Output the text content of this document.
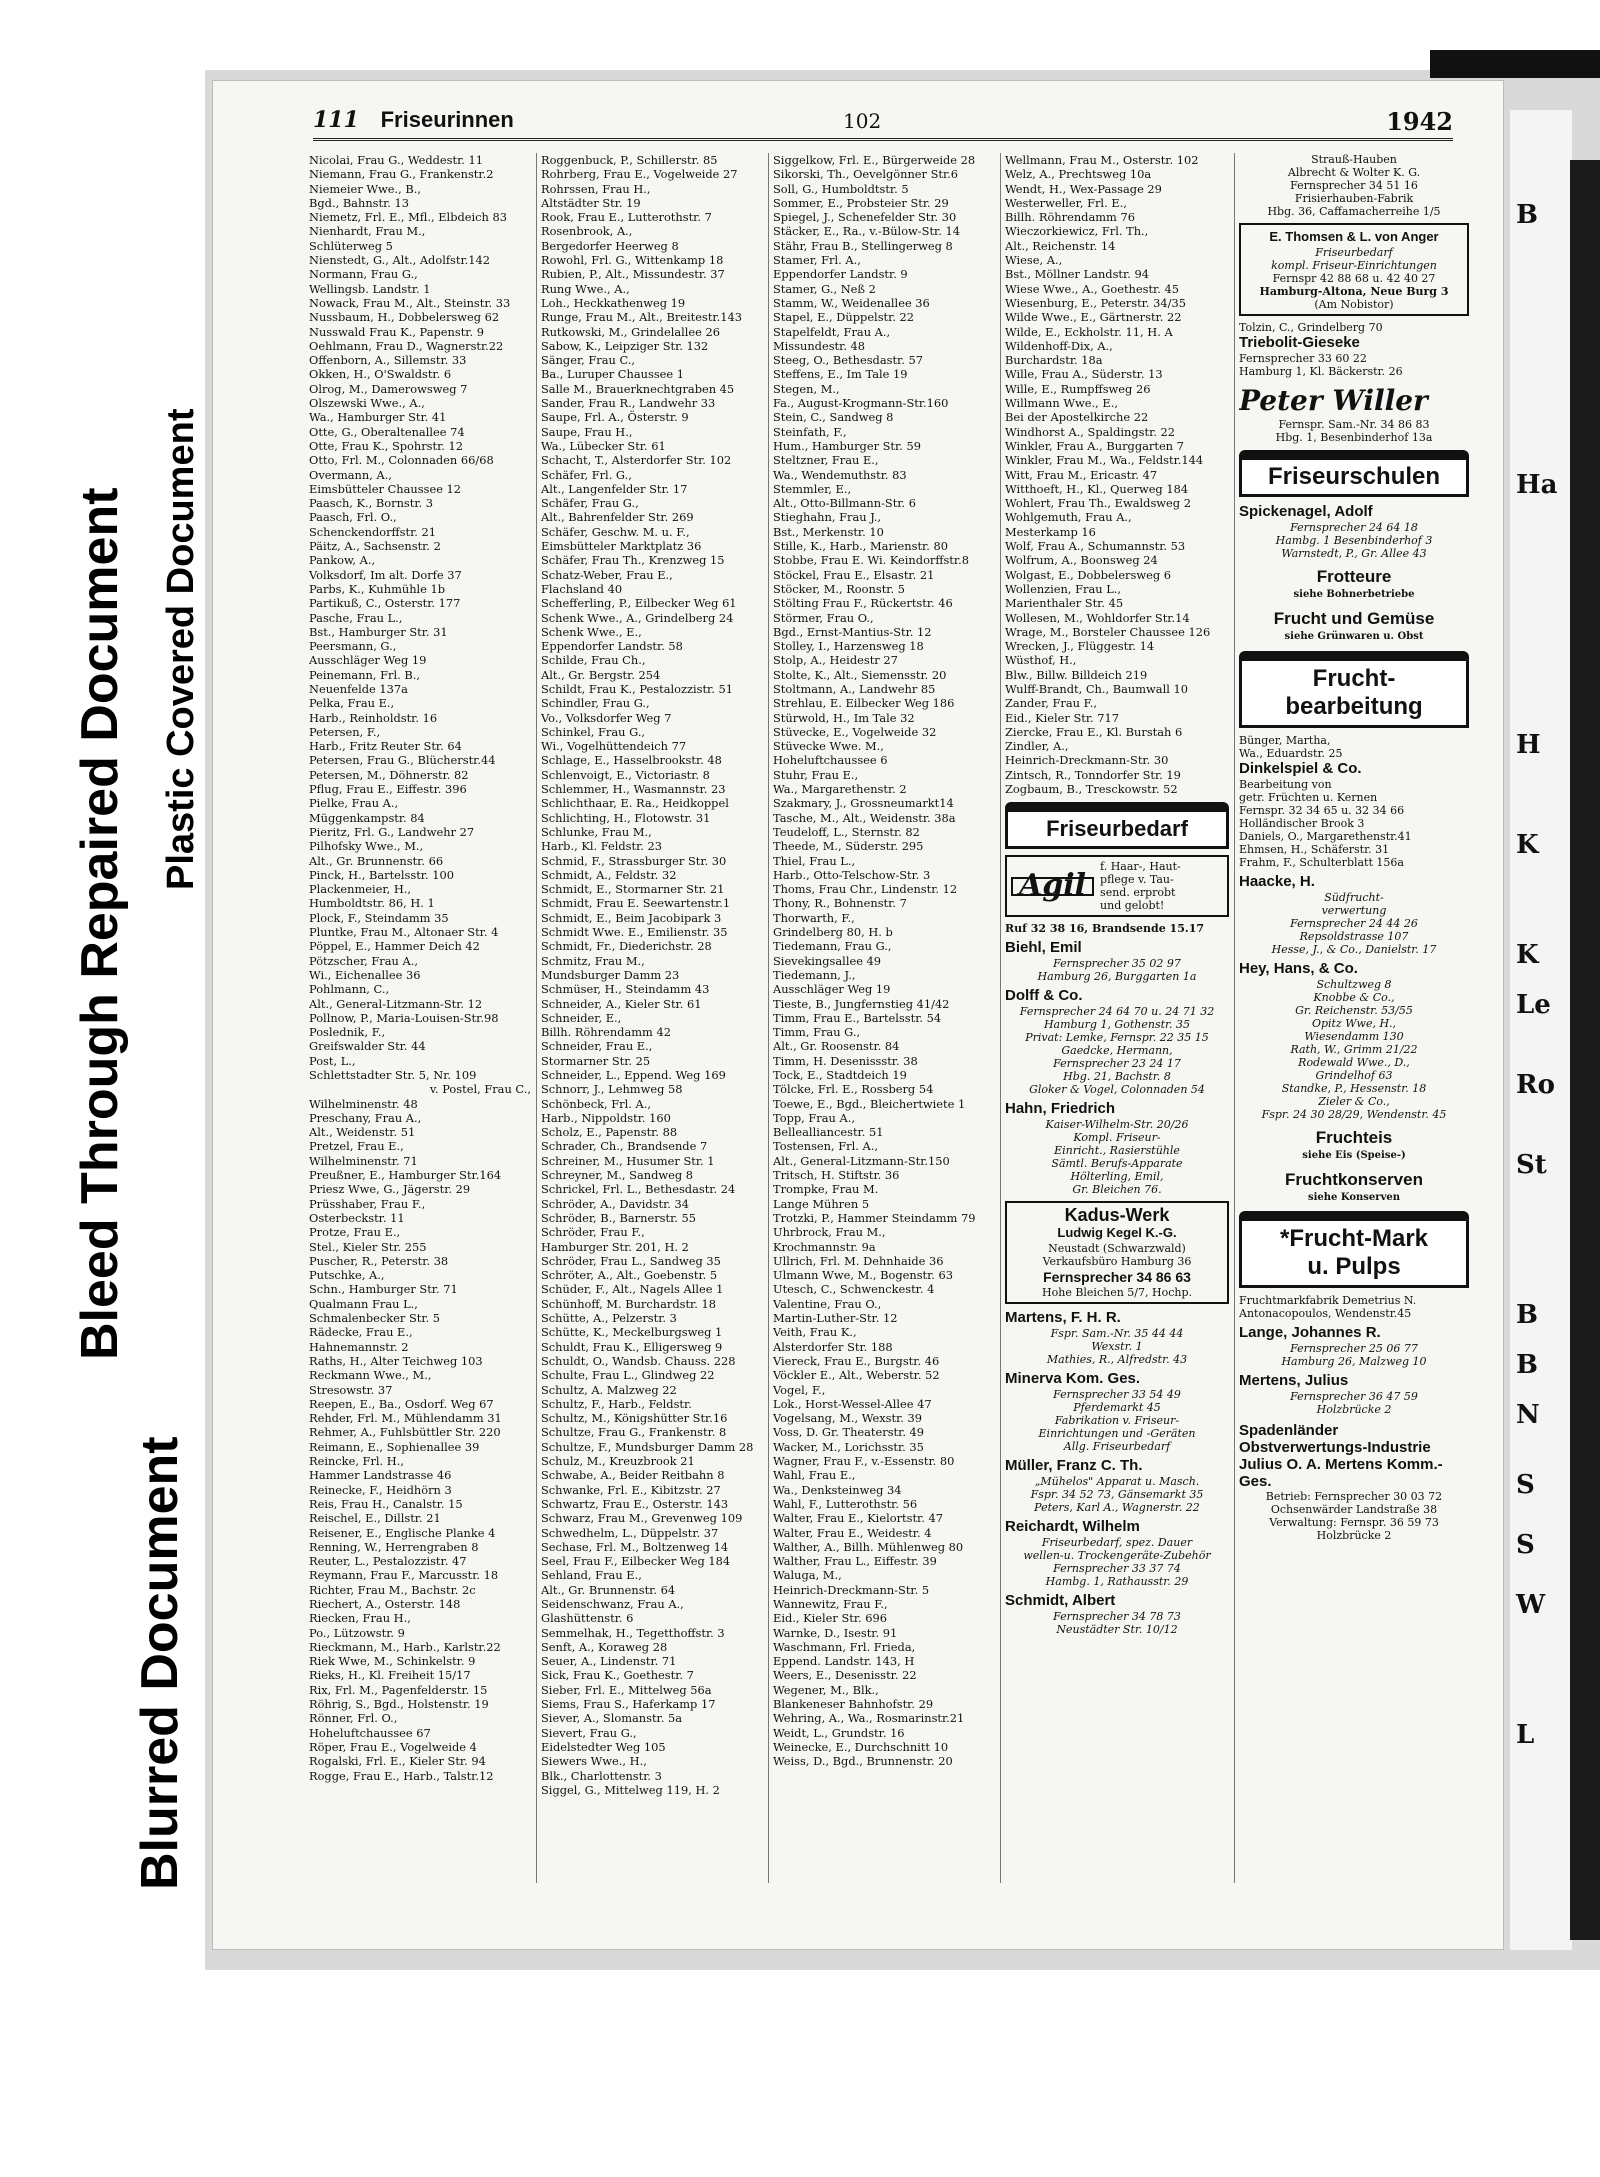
Blurred Document
Bleed Through Repaired Document Plastic Covered Document
B
Ha
H
K
K
Le
Ro
St
B
B
N
S
S
W
L
111 Friseurinnen	102	1942
Nicolai, Frau G., Weddestr. 11
Niemann, Frau G., Frankenstr.2
Niemeier Wwe., B.,
Bgd., Bahnstr. 13
Niemetz, Frl. E., Mfl., Elbdeich 83
Nienhardt, Frau M.,
Schlüterweg 5
Nienstedt, G., Alt., Adolfstr.142
Normann, Frau G.,
Wellingsb. Landstr. 1
Nowack, Frau M., Alt., Steinstr. 33
Nussbaum, H., Dobbelersweg 62
Nusswald Frau K., Papenstr. 9
Oehlmann, Frau D., Wagnerstr.22
Offenborn, A., Sillemstr. 33
Okken, H., O'Swaldstr. 6
Olrog, M., Damerowsweg 7
Olszewski Wwe., A.,
Wa., Hamburger Str. 41
Otte, G., Oberaltenallee 74
Otte, Frau K., Spohrstr. 12
Otto, Frl. M., Colonnaden 66/68
Overmann, A.,
Eimsbütteler Chaussee 12
Paasch, K., Bornstr. 3
Paasch, Frl. O.,
Schenckendorffstr. 21
Päitz, A., Sachsenstr. 2
Pankow, A.,
Volksdorf, Im alt. Dorfe 37
Parbs, K., Kuhmühle 1b
Partikuß, C., Osterstr. 177
Pasche, Frau L.,
Bst., Hamburger Str. 31
Peersmann, G.,
Ausschläger Weg 19
Peinemann, Frl. B.,
Neuenfelde 137a
Pelka, Frau E.,
Harb., Reinholdstr. 16
Petersen, F.,
Harb., Fritz Reuter Str. 64
Petersen, Frau G., Blücherstr.44
Petersen, M., Döhnerstr. 82
Pflug, Frau E., Eiffestr. 396
Pielke, Frau A.,
Müggenkampstr. 84
Pieritz, Frl. G., Landwehr 27
Pilhofsky Wwe., M.,
Alt., Gr. Brunnenstr. 66
Pinck, H., Bartelsstr. 100
Plackenmeier, H.,
Humboldtstr. 86, H. 1
Plock, F., Steindamm 35
Pluntke, Frau M., Altonaer Str. 4
Pöppel, E., Hammer Deich 42
Pötzscher, Frau A.,
Wi., Eichenallee 36
Pohlmann, C.,
Alt., General-Litzmann-Str. 12
Pollnow, P., Maria-Louisen-Str.98
Poslednik, F.,
Greifswalder Str. 44
Post, L.,
Schlettstadter Str. 5, Nr. 109
v. Postel, Frau C.,
Wilhelminenstr. 48
Preschany, Frau A.,
Alt., Weidenstr. 51
Pretzel, Frau E.,
Wilhelminenstr. 71
Preußner, E., Hamburger Str.164
Priesz Wwe, G., Jägerstr. 29
Prüsshaber, Frau F.,
Osterbeckstr. 11
Protze, Frau E.,
Stel., Kieler Str. 255
Puscher, R., Peterstr. 38
Putschke, A.,
Schn., Hamburger Str. 71
Qualmann Frau L.,
Schmalenbecker Str. 5
Rädecke, Frau E.,
Hahnemannstr. 2
Raths, H., Alter Teichweg 103
Reckmann Wwe., M.,
Stresowstr. 37
Reepen, E., Ba., Osdorf. Weg 67
Rehder, Frl. M., Mühlendamm 31
Rehmer, A., Fuhlsbüttler Str. 220
Reimann, E., Sophienallee 39
Reincke, Frl. H.,
Hammer Landstrasse 46
Reinecke, F., Heidhörn 3
Reis, Frau H., Canalstr. 15
Reischel, E., Dillstr. 21
Reisener, E., Englische Planke 4
Renning, W., Herrengraben 8
Reuter, L., Pestalozzistr. 47
Reymann, Frau F., Marcusstr. 18
Richter, Frau M., Bachstr. 2c
Riechert, A., Osterstr. 148
Riecken, Frau H.,
Po., Lützowstr. 9
Rieckmann, M., Harb., Karlstr.22
Riek Wwe, M., Schinkelstr. 9
Rieks, H., Kl. Freiheit 15/17
Rix, Frl. M., Pagenfelderstr. 15
Röhrig, S., Bgd., Holstenstr. 19
Rönner, Frl. O.,
Hoheluftchaussee 67
Röper, Frau E., Vogelweide 4
Rogalski, Frl. E., Kieler Str. 94
Rogge, Frau E., Harb., Talstr.12
Roggenbuck, P., Schillerstr. 85
Rohrberg, Frau E., Vogelweide 27
Rohrssen, Frau H.,
Altstädter Str. 19
Rook, Frau E., Lutterothstr. 7
Rosenbrook, A.,
Bergedorfer Heerweg 8
Rowohl, Frl. G., Wittenkamp 18
Rubien, P., Alt., Missundestr. 37
Rung Wwe., A.,
Loh., Heckkathenweg 19
Runge, Frau M., Alt., Breitestr.143
Rutkowski, M., Grindelallee 26
Sabow, K., Leipziger Str. 132
Sänger, Frau C.,
Ba., Luruper Chaussee 1
Salle M., Brauerknechtgraben 45
Sander, Frau R., Landwehr 33
Saupe, Frl. A., Österstr. 9
Saupe, Frau H.,
Wa., Lübecker Str. 61
Schacht, T., Alsterdorfer Str. 102
Schäfer, Frl. G.,
Alt., Langenfelder Str. 17
Schäfer, Frau G.,
Alt., Bahrenfelder Str. 269
Schäfer, Geschw. M. u. F.,
Eimsbütteler Marktplatz 36
Schäfer, Frau Th., Krenzweg 15
Schatz-Weber, Frau E.,
Flachsland 40
Schefferling, P., Eilbecker Weg 61
Schenk Wwe., A., Grindelberg 24
Schenk Wwe., E.,
Eppendorfer Landstr. 58
Schilde, Frau Ch.,
Alt., Gr. Bergstr. 254
Schildt, Frau K., Pestalozzistr. 51
Schindler, Frau G.,
Vo., Volksdorfer Weg 7
Schinkel, Frau G.,
Wi., Vogelhüttendeich 77
Schlage, E., Hasselbrookstr. 48
Schlenvoigt, E., Victoriastr. 8
Schlemmer, H., Wasmannstr. 23
Schlichthaar, E. Ra., Heidkoppel
Schlichting, H., Flotowstr. 31
Schlunke, Frau M.,
Harb., Kl. Feldstr. 23
Schmid, F., Strassburger Str. 30
Schmidt, A., Feldstr. 32
Schmidt, E., Stormarner Str. 21
Schmidt, Frau E. Seewartenstr.1
Schmidt, E., Beim Jacobipark 3
Schmidt Wwe. E., Emilienstr. 35
Schmidt, Fr., Diederichstr. 28
Schmitz, Frau M.,
Mundsburger Damm 23
Schmüser, H., Steindamm 43
Schneider, A., Kieler Str. 61
Schneider, E.,
Billh. Röhrendamm 42
Schneider, Frau E.,
Stormarner Str. 25
Schneider, L., Eppend. Weg 169
Schnorr, J., Lehmweg 58
Schönbeck, Frl. A.,
Harb., Nippoldstr. 160
Scholz, E., Papenstr. 88
Schrader, Ch., Brandsende 7
Schreiner, M., Husumer Str. 1
Schreyner, M., Sandweg 8
Schrickel, Frl. L., Bethesdastr. 24
Schröder, A., Davidstr. 34
Schröder, B., Barnerstr. 55
Schröder, Frau F.,
Hamburger Str. 201, H. 2
Schröder, Frau L., Sandweg 35
Schröter, A., Alt., Goebenstr. 5
Schüder, F., Alt., Nagels Allee 1
Schünhoff, M. Burchardstr. 18
Schütte, A., Pelzerstr. 3
Schütte, K., Meckelburgsweg 1
Schuldt, Frau K., Elligersweg 9
Schuldt, O., Wandsb. Chauss. 228
Schulte, Frau L., Glindweg 22
Schultz, A. Malzweg 22
Schultz, F., Harb., Feldstr.
Schultz, M., Königshütter Str.16
Schultze, Frau G., Frankenstr. 8
Schultze, F., Mundsburger Damm 28
Schulz, M., Kreuzbrook 21
Schwabe, A., Beider Reitbahn 8
Schwanke, Frl. E., Kibitzstr. 27
Schwartz, Frau E., Osterstr. 143
Schwarz, Frau M., Grevenweg 109
Schwedhelm, L., Düppelstr. 37
Sechase, Frl. M., Boltzenweg 14
Seel, Frau F., Eilbecker Weg 184
Sehland, Frau E.,
Alt., Gr. Brunnenstr. 64
Seidenschwanz, Frau A.,
Glashüttenstr. 6
Semmelhak, H., Tegetthoffstr. 3
Senft, A., Koraweg 28
Seuer, A., Lindenstr. 71
Sick, Frau K., Goethestr. 7
Sieber, Frl. E., Mittelweg 56a
Siems, Frau S., Haferkamp 17
Siever, A., Slomanstr. 5a
Sievert, Frau G.,
Eidelstedter Weg 105
Siewers Wwe., H.,
Blk., Charlottenstr. 3
Siggel, G., Mittelweg 119, H. 2
Siggelkow, Frl. E., Bürgerweide 28
Sikorski, Th., Oevelgönner Str.6
Soll, G., Humboldtstr. 5
Sommer, E., Probsteier Str. 29
Spiegel, J., Schenefelder Str. 30
Stäcker, E., Ra., v.-Bülow-Str. 14
Stähr, Frau B., Stellingerweg 8
Stamer, Frl. A.,
Eppendorfer Landstr. 9
Stamer, G., Neß 2
Stamm, W., Weidenallee 36
Stapel, E., Düppelstr. 22
Stapelfeldt, Frau A.,
Missundestr. 48
Steeg, O., Bethesdastr. 57
Steffens, E., Im Tale 19
Stegen, M.,
Fa., August-Krogmann-Str.160
Stein, C., Sandweg 8
Steinfath, F.,
Hum., Hamburger Str. 59
Steltzner, Frau E.,
Wa., Wendemuthstr. 83
Stemmler, E.,
Alt., Otto-Billmann-Str. 6
Stieghahn, Frau J.,
Bst., Merkenstr. 10
Stille, K., Harb., Marienstr. 80
Stobbe, Frau E. Wi. Keindorffstr.8
Stöckel, Frau E., Elsastr. 21
Stöcker, M., Roonstr. 5
Stölting Frau F., Rückertstr. 46
Störmer, Frau O.,
Bgd., Ernst-Mantius-Str. 12
Stolley, I., Harzensweg 18
Stolp, A., Heidestr 27
Stolte, K., Alt., Siemensstr. 20
Stoltmann, A., Landwehr 85
Strehlau, E. Eilbecker Weg 186
Stürwold, H., Im Tale 32
Stüvecke, E., Vogelweide 32
Stüvecke Wwe. M.,
Hoheluftchaussee 6
Stuhr, Frau E.,
Wa., Margarethenstr. 2
Szakmary, J., Grossneumarkt14
Tasche, M., Alt., Weidenstr. 38a
Teudeloff, L., Sternstr. 82
Theede, M., Süderstr. 295
Thiel, Frau L.,
Harb., Otto-Telschow-Str. 3
Thoms, Frau Chr., Lindenstr. 12
Thony, R., Bohnenstr. 7
Thorwarth, F.,
Grindelberg 80, H. b
Tiedemann, Frau G.,
Sievekingsallee 49
Tiedemann, J.,
Ausschläger Weg 19
Tieste, B., Jungfernstieg 41/42
Timm, Frau E., Bartelsstr. 54
Timm, Frau G.,
Alt., Gr. Roosenstr. 84
Timm, H. Desenissstr. 38
Tock, E., Stadtdeich 19
Tölcke, Frl. E., Rossberg 54
Toewe, E., Bgd., Bleichertwiete 1
Topp, Frau A.,
Bellealliancestr. 51
Tostensen, Frl. A.,
Alt., General-Litzmann-Str.150
Tritsch, H. Stiftstr. 36
Trompke, Frau M.
Lange Mühren 5
Trotzki, P., Hammer Steindamm 79
Uhrbrock, Frau M.,
Krochmannstr. 9a
Ullrich, Frl. M. Dehnhaide 36
Ulmann Wwe, M., Bogenstr. 63
Utesch, C., Schwenckestr. 4
Valentine, Frau O.,
Martin-Luther-Str. 12
Veith, Frau K.,
Alsterdorfer Str. 188
Viereck, Frau E., Burgstr. 46
Vöckler E., Alt., Weberstr. 52
Vogel, F.,
Lok., Horst-Wessel-Allee 47
Vogelsang, M., Wexstr. 39
Voss, D. Gr. Theaterstr. 49
Wacker, M., Lorichsstr. 35
Wagner, Frau F., v.-Essenstr. 80
Wahl, Frau E.,
Wa., Denksteinweg 34
Wahl, F., Lutterothstr. 56
Walter, Frau E., Kielortstr. 47
Walter, Frau E., Weidestr. 4
Walther, A., Billh. Mühlenweg 80
Walther, Frau L., Eiffestr. 39
Waluga, M.,
Heinrich-Dreckmann-Str. 5
Wannewitz, Frau F.,
Eid., Kieler Str. 696
Warnke, D., Isestr. 91
Waschmann, Frl. Frieda,
Eppend. Landstr. 143, H
Weers, E., Desenisstr. 22
Wegener, M., Blk.,
Blankeneser Bahnhofstr. 29
Wehring, A., Wa., Rosmarinstr.21
Weidt, L., Grundstr. 16
Weinecke, E., Durchschnitt 10
Weiss, D., Bgd., Brunnenstr. 20
Wellmann, Frau M., Osterstr. 102
Welz, A., Prechtsweg 10a
Wendt, H., Wex-Passage 29
Westerweller, Frl. E.,
Billh. Röhrendamm 76
Wieczorkiewicz, Frl. Th.,
Alt., Reichenstr. 14
Wiese, A.,
Bst., Möllner Landstr. 94
Wiese Wwe., A., Goethestr. 45
Wiesenburg, E., Peterstr. 34/35
Wilde Wwe., E., Gärtnerstr. 22
Wilde, E., Eckholstr. 11, H. A
Wildenhoff-Dix, A.,
Burchardstr. 18a
Wille, Frau A., Süderstr. 13
Wille, E., Rumpffsweg 26
Willmann Wwe., E.,
Bei der Apostelkirche 22
Windhorst A., Spaldingstr. 22
Winkler, Frau A., Burggarten 7
Winkler, Frau M., Wa., Feldstr.144
Witt, Frau M., Ericastr. 47
Witthoeft, H., Kl., Querweg 184
Wohlert, Frau Th., Ewaldsweg 2
Wohlgemuth, Frau A.,
Mesterkamp 16
Wolf, Frau A., Schumannstr. 53
Wolfrum, A., Boonsweg 24
Wolgast, E., Dobbelersweg 6
Wollenzien, Frau L.,
Marienthaler Str. 45
Wollesen, M., Wohldorfer Str.14
Wrage, M., Borsteler Chaussee 126
Wrecken, J., Flüggestr. 14
Wüsthof, H.,
Blw., Billw. Billdeich 219
Wulff-Brandt, Ch., Baumwall 10
Zander, Frau F.,
Eid., Kieler Str. 717
Ziercke, Frau E., Kl. Burstah 6
Zindler, A.,
Heinrich-Dreckmann-Str. 30
Zintsch, R., Tonndorfer Str. 19
Zogbaum, B., Tresckowstr. 52
Friseurbedarf
Agil
f. Haar-, Haut-
pflege v. Tau-
send. erprobt
und gelobt!
Ruf 32 38 16, Brandsende 15.17
Biehl, Emil
Fernsprecher 35 02 97
Hamburg 26, Burggarten 1a
Dolff & Co.
Fernsprecher 24 64 70 u. 24 71 32
Hamburg 1, Gothenstr. 35
Privat: Lemke, Fernspr. 22 35 15
Gaedcke, Hermann,
Fernsprecher 23 24 17
Hbg. 21, Bachstr. 8
Gloker & Vogel, Colonnaden 54
Hahn, Friedrich
Kaiser-Wilhelm-Str. 20/26
Kompl. Friseur-
Einricht., Rasierstühle
Sämtl. Berufs-Apparate
Hölterling, Emil,
Gr. Bleichen 76.
Kadus-Werk
Ludwig Kegel K.-G.
Neustadt (Schwarzwald)
Verkaufsbüro Hamburg 36
Fernsprecher 34 86 63
Hohe Bleichen 5/7, Hochp.
Martens, F. H. R.
Fspr. Sam.-Nr. 35 44 44
Wexstr. 1
Mathies, R., Alfredstr. 43
Minerva Kom. Ges.
Fernsprecher 33 54 49
Pferdemarkt 45
Fabrikation v. Friseur-
Einrichtungen und -Geräten
Allg. Friseurbedarf
Müller, Franz C. Th.
„Mühelos" Apparat u. Masch.
Fspr. 34 52 73, Gänsemarkt 35
Peters, Karl A., Wagnerstr. 22
Reichardt, Wilhelm
Friseurbedarf, spez. Dauer
wellen-u. Trockengeräte-Zubehör
Fernsprecher 33 37 74
Hambg. 1, Rathausstr. 29
Schmidt, Albert
Fernsprecher 34 78 73
Neustädter Str. 10/12
Strauß-Hauben
Albrecht & Wolter K. G.
Fernsprecher 34 51 16
Frisierhauben-Fabrik
Hbg. 36, Caffamacherreihe 1/5
E. Thomsen & L. von Anger
Friseurbedarf
kompl. Friseur-Einrichtungen
Fernspr 42 88 68 u. 42 40 27
Hamburg-Altona, Neue Burg 3
(Am Nobistor)
Tolzin, C., Grindelberg 70
Triebolit-Gieseke
Fernsprecher 33 60 22
Hamburg 1, Kl. Bäckerstr. 26
Peter Willer
Fernspr. Sam.-Nr. 34 86 83
Hbg. 1, Besenbinderhof 13a
Friseurschulen
Spickenagel, Adolf
Fernsprecher 24 64 18
Hambg. 1 Besenbinderhof 3
Warnstedt, P., Gr. Allee 43
Frotteure
siehe Bohnerbetriebe
Frucht und Gemüse
siehe Grünwaren u. Obst
Frucht-
bearbeitung
Bünger, Martha,
Wa., Eduardstr. 25
Dinkelspiel & Co.
Bearbeitung von
getr. Früchten u. Kernen
Fernspr. 32 34 65 u. 32 34 66
Holländischer Brook 3
Daniels, O., Margarethenstr.41
Ehmsen, H., Schäferstr. 31
Frahm, F., Schulterblatt 156a
Haacke, H.
Südfrucht-
verwertung
Fernsprecher 24 44 26
Repsoldstrasse 107
Hesse, J., & Co., Danielstr. 17
Hey, Hans, & Co.
Schultzweg 8
Knobbe & Co.,
Gr. Reichenstr. 53/55
Opitz Wwe, H.,
Wiesendamm 130
Rath, W., Grimm 21/22
Rodewald Wwe., D.,
Grindelhof 63
Standke, P., Hessenstr. 18
Zieler & Co.,
Fspr. 24 30 28/29, Wendenstr. 45
Fruchteis
siehe Eis (Speise-)
Fruchtkonserven
siehe Konserven
*Frucht-Mark
u. Pulps
Fruchtmarkfabrik Demetrius N.
Antonacopoulos, Wendenstr.45
Lange, Johannes R.
Fernsprecher 25 06 77
Hamburg 26, Malzweg 10
Mertens, Julius
Fernsprecher 36 47 59
Holzbrücke 2
Spadenländer Obstverwertungs-Industrie Julius O. A. Mertens Komm.-Ges.
Betrieb: Fernsprecher 30 03 72
Ochsenwärder Landstraße 38
Verwaltung: Fernspr. 36 59 73
Holzbrücke 2
